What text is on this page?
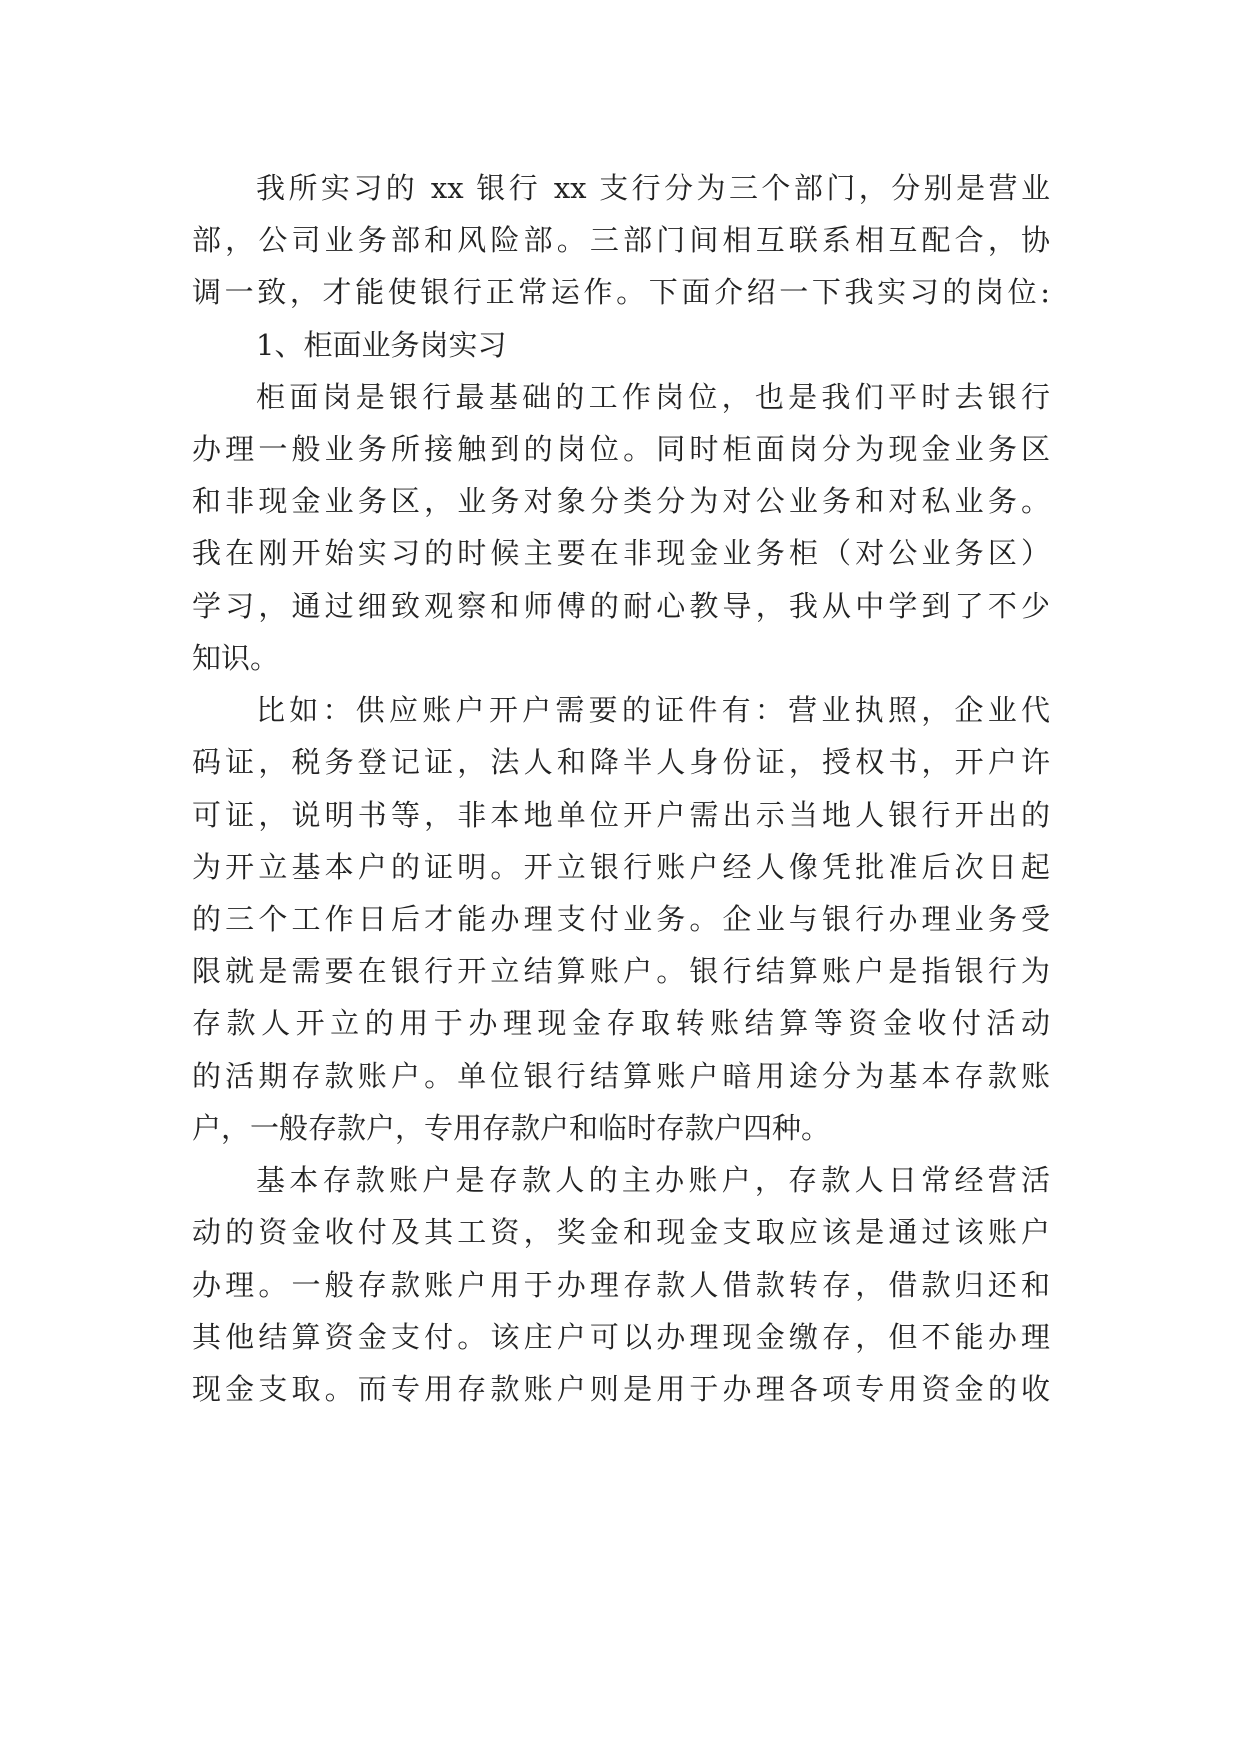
我所实习的 xx 银行 xx 支行分为三个部门，分别是营业
部，公司业务部和风险部。三部门间相互联系相互配合，协
调一致，才能使银行正常运作。下面介绍一下我实习的岗位:
1、柜面业务岗实习
柜面岗是银行最基础的工作岗位，也是我们平时去银行
办理一般业务所接触到的岗位。同时柜面岗分为现金业务区
和非现金业务区，业务对象分类分为对公业务和对私业务。
我在刚开始实习的时候主要在非现金业务柜（对公业务区）
学习，通过细致观察和师傅的耐心教导，我从中学到了不少
知识。
比如：供应账户开户需要的证件有：营业执照，企业代
码证，税务登记证，法人和降半人身份证，授权书，开户许
可证，说明书等，非本地单位开户需出示当地人银行开出的
为开立基本户的证明。开立银行账户经人像凭批准后次日起
的三个工作日后才能办理支付业务。企业与银行办理业务受
限就是需要在银行开立结算账户。银行结算账户是指银行为
存款人开立的用于办理现金存取转账结算等资金收付活动
的活期存款账户。单位银行结算账户暗用途分为基本存款账
户，一般存款户，专用存款户和临时存款户四种。
基本存款账户是存款人的主办账户，存款人日常经营活
动的资金收付及其工资，奖金和现金支取应该是通过该账户
办理。一般存款账户用于办理存款人借款转存，借款归还和
其他结算资金支付。该庄户可以办理现金缴存，但不能办理
现金支取。而专用存款账户则是用于办理各项专用资金的收
